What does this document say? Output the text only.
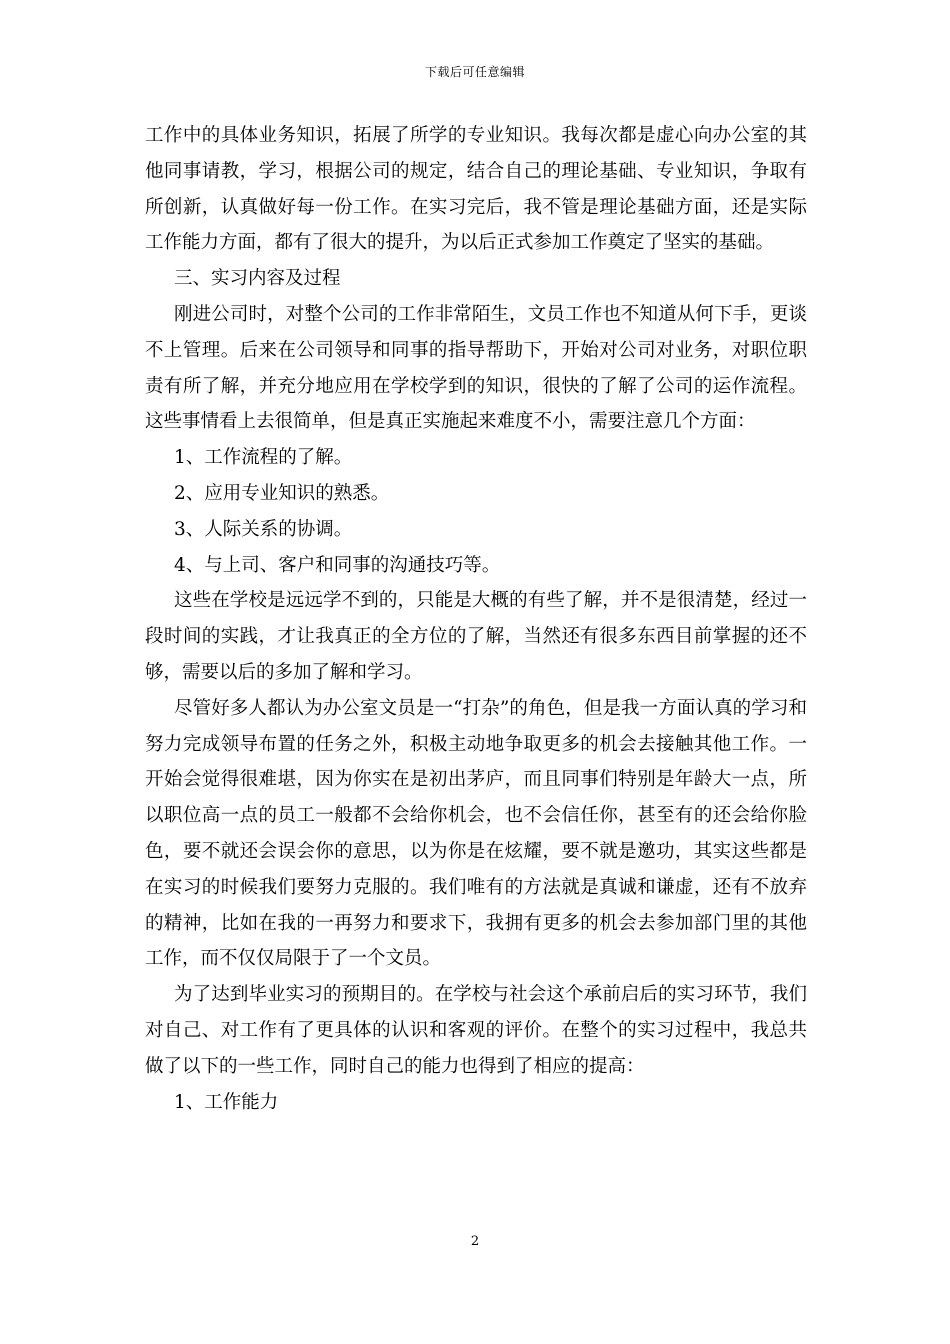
下载后可任意编辑

工作中的具体业务知识，拓展了所学的专业知识。我每次都是虚心向办公室的其他同事请教，学习，根据公司的规定，结合自己的理论基础、专业知识，争取有所创新，认真做好每一份工作。在实习完后，我不管是理论基础方面，还是实际工作能力方面，都有了很大的提升，为以后正式参加工作奠定了坚实的基础。

三、实习内容及过程

刚进公司时，对整个公司的工作非常陌生，文员工作也不知道从何下手，更谈不上管理。后来在公司领导和同事的指导帮助下，开始对公司对业务，对职位职责有所了解，并充分地应用在学校学到的知识，很快的了解了公司的运作流程。这些事情看上去很简单，但是真正实施起来难度不小，需要注意几个方面：

1、工作流程的了解。

2、应用专业知识的熟悉。

3、人际关系的协调。

4、与上司、客户和同事的沟通技巧等。

这些在学校是远远学不到的，只能是大概的有些了解，并不是很清楚，经过一段时间的实践，才让我真正的全方位的了解，当然还有很多东西目前掌握的还不够，需要以后的多加了解和学习。

尽管好多人都认为办公室文员是一“打杂”的角色，但是我一方面认真的学习和努力完成领导布置的任务之外，积极主动地争取更多的机会去接触其他工作。一开始会觉得很难堪，因为你实在是初出茅庐，而且同事们特别是年龄大一点，所以职位高一点的员工一般都不会给你机会，也不会信任你，甚至有的还会给你脸色，要不就还会误会你的意思，以为你是在炫耀，要不就是邀功，其实这些都是在实习的时候我们要努力克服的。我们唯有的方法就是真诚和谦虚，还有不放弃的精神，比如在我的一再努力和要求下，我拥有更多的机会去参加部门里的其他工作，而不仅仅局限于了一个文员。

为了达到毕业实习的预期目的。在学校与社会这个承前启后的实习环节，我们对自己、对工作有了更具体的认识和客观的评价。在整个的实习过程中，我总共做了以下的一些工作，同时自己的能力也得到了相应的提高：

1、工作能力

2
